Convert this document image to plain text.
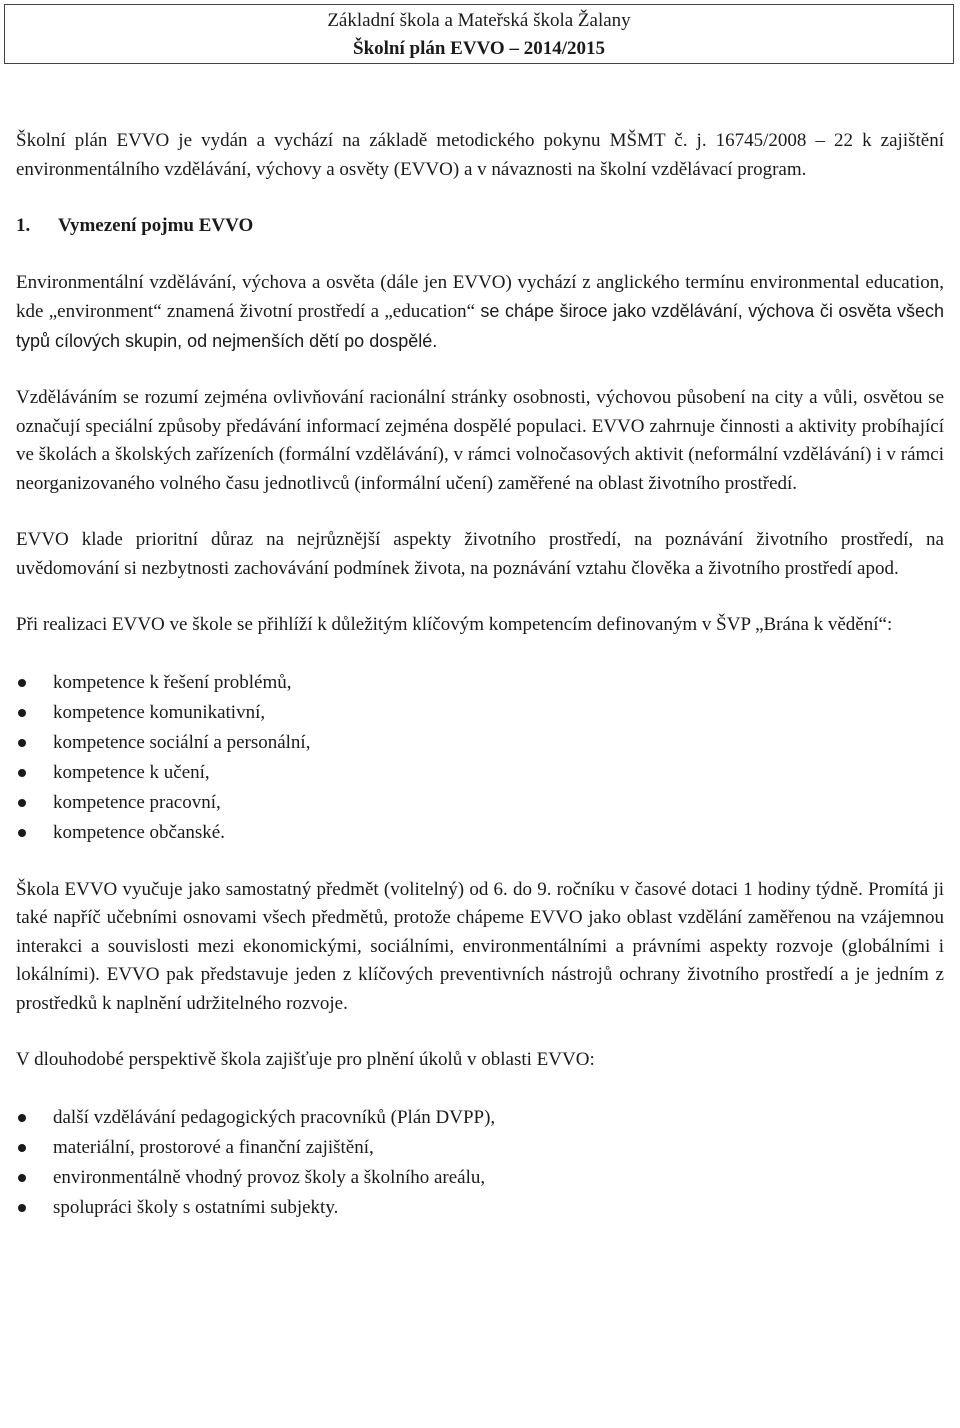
Základní škola a Mateřská škola Žalany
Školní plán EVVO – 2014/2015

Školní plán EVVO je vydán a vychází na základě metodického pokynu MŠMT č. j. 16745/2008 – 22 k zajištění environmentálního vzdělávání, výchovy a osvěty (EVVO) a v návaznosti na školní vzdělávací program.

1. Vymezení pojmu EVVO

Environmentální vzdělávání, výchova a osvěta (dále jen EVVO) vychází z anglického termínu environmental education, kde „environment“ znamená životní prostředí a „education“ se chápe široce jako vzdělávání, výchova či osvěta všech typů cílových skupin, od nejmenších dětí po dospělé.

Vzděláváním se rozumí zejména ovlivňování racionální stránky osobnosti, výchovou působení na city a vůli, osvětou se označují speciální způsoby předávání informací zejména dospělé populaci. EVVO zahrnuje činnosti a aktivity probíhající ve školách a školských zařízeních (formální vzdělávání), v rámci volnočasových aktivit (neformální vzdělávání) i v rámci neorganizovaného volného času jednotlivců (informální učení) zaměřené na oblast životního prostředí.

EVVO klade prioritní důraz na nejrůznější aspekty životního prostředí, na poznávání životního prostředí, na uvědomování si nezbytnosti zachovávání podmínek života, na poznávání vztahu člověka a životního prostředí apod.

Při realizaci EVVO ve škole se přihlíží k důležitým klíčovým kompetencím definovaným v ŠVP „Brána k vědění“:

kompetence k řešení problémů,
kompetence komunikativní,
kompetence sociální a personální,
kompetence k učení,
kompetence pracovní,
kompetence občanské.

Škola EVVO vyučuje jako samostatný předmět (volitelný) od 6. do 9. ročníku v časové dotaci 1 hodiny týdně. Promítá ji také napříč učebními osnovami všech předmětů, protože chápeme EVVO jako oblast vzdělání zaměřenou na vzájemnou interakci a souvislosti mezi ekonomickými, sociálními, environmentálními a právními aspekty rozvoje (globálními i lokálními). EVVO pak představuje jeden z klíčových preventivních nástrojů ochrany životního prostředí a je jedním z prostředků k naplnění udržitelného rozvoje.

V dlouhodobé perspektivě škola zajišťuje pro plnění úkolů v oblasti EVVO:

další vzdělávání pedagogických pracovníků (Plán DVPP),
materiální, prostorové a finanční zajištění,
environmentálně vhodný provoz školy a školního areálu,
spolupráci školy s ostatními subjekty.
